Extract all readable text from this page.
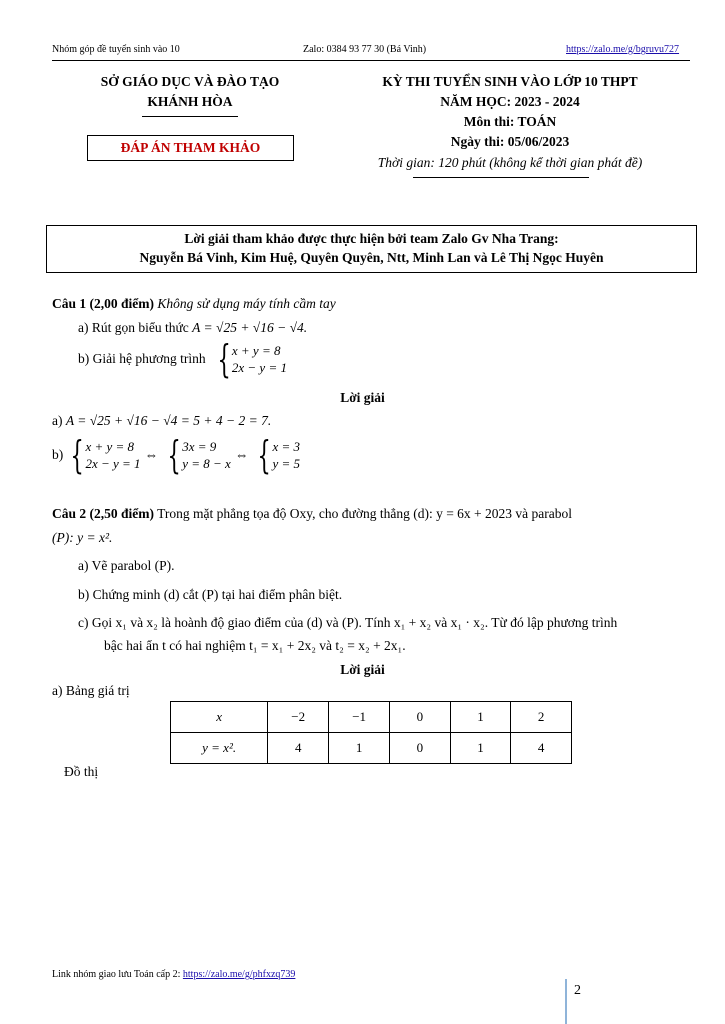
Nhóm góp đề tuyển sinh vào 10	Zalo: 0384 93 77 30 (Bá Vinh)	https://zalo.me/g/bgruvu727
SỞ GIÁO DỤC VÀ ĐÀO TẠO
KHÁNH HÒA
ĐÁP ÁN THAM KHẢO
KỲ THI TUYỂN SINH VÀO LỚP 10 THPT
NĂM HỌC: 2023 - 2024
Môn thi: TOÁN
Ngày thi: 05/06/2023
Thời gian: 120 phút (không kể thời gian phát đề)
Lời giải tham khảo được thực hiện bởi team Zalo Gv Nha Trang:
Nguyễn Bá Vinh, Kim Huệ, Quyên Quyên, Ntt, Minh Lan và Lê Thị Ngọc Huyên
Câu 1 (2,00 điểm) Không sử dụng máy tính cầm tay
a) Rút gọn biểu thức A = √25 + √16 − √4.
b) Giải hệ phương trình { x + y = 8
2x − y = 1
Lời giải
a) A = √25 + √16 − √4 = 5 + 4 − 2 = 7.
b) { x + y = 8
2x − y = 1
⇔ { 3x = 9
y = 8 − x
⇔ { x = 3
y = 5
Câu 2 (2,50 điểm) Trong mặt phẳng tọa độ Oxy, cho đường thẳng (d): y = 6x + 2023 và parabol
(P): y = x².
a) Vẽ parabol (P).
b) Chứng minh (d) cắt (P) tại hai điểm phân biệt.
c) Gọi x₁ và x₂ là hoành độ giao điểm của (d) và (P). Tính x₁ + x₂ và x₁ · x₂. Từ đó lập phương trình
bậc hai ẩn t có hai nghiệm t₁ = x₁ + 2x₂ và t₂ = x₂ + 2x₁.
Lời giải
a) Bảng giá trị
x	−2	−1	0	1	2
y = x².	4	1	0	1	4
Đồ thị
Link nhóm giao lưu Toán cấp 2: https://zalo.me/g/phfxzq739
2
